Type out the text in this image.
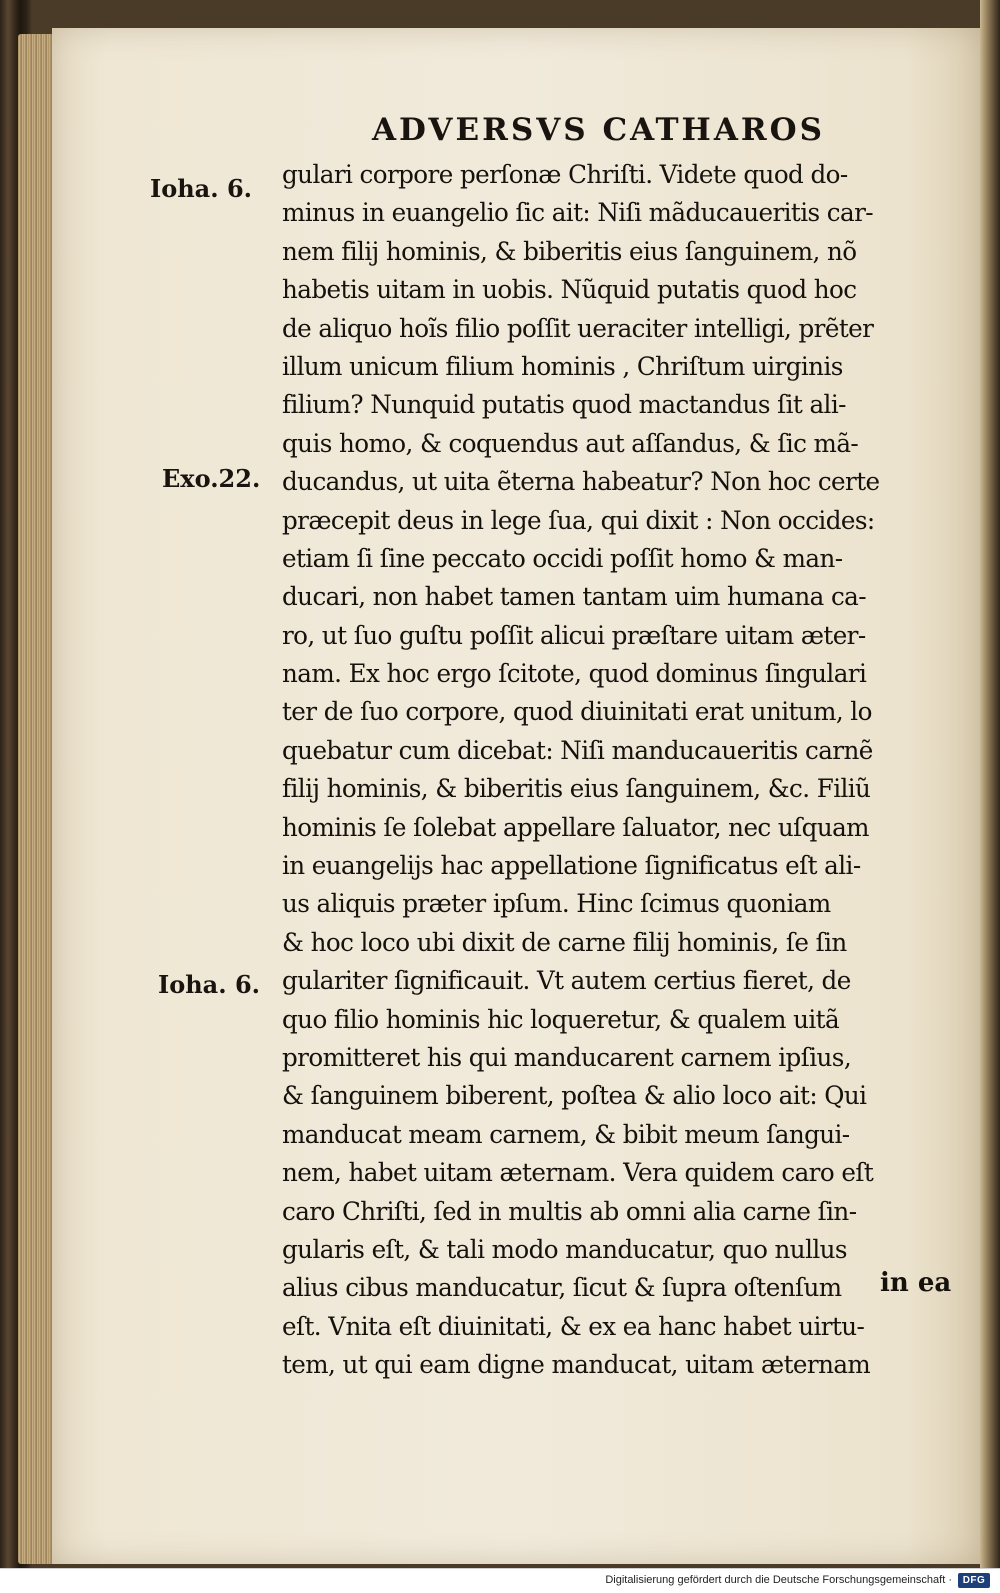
ADVERSVS CATHAROS
Ioha. 6.
Exo.22.
Ioha. 6.
gulari corpore perſonæ Chriſti. Videte quod do-
minus in euangelio ſic ait: Niſi mãducaueritis car-
nem filij hominis, & biberitis eius ſanguinem, nõ
habetis uitam in uobis. Nũquid putatis quod hoc
de aliquo hoĩs filio poſſit ueraciter intelligi, prẽter
illum unicum filium hominis , Chriſtum uirginis
filium? Nunquid putatis quod mactandus ſit ali-
quis homo, & coquendus aut aſſandus, & ſic mã-
ducandus, ut uita ẽterna habeatur? Non hoc certe
præcepit deus in lege ſua, qui dixit : Non occides:
etiam ſi ſine peccato occidi poſſit homo & man-
ducari, non habet tamen tantam uim humana ca-
ro, ut ſuo guſtu poſſit alicui præſtare uitam æter-
nam. Ex hoc ergo ſcitote, quod dominus ſingulari
ter de ſuo corpore, quod diuinitati erat unitum, lo
quebatur cum dicebat: Niſi manducaueritis carnẽ
filij hominis, & biberitis eius ſanguinem, &c. Filiũ
hominis ſe ſolebat appellare ſaluator, nec uſquam
in euangelijs hac appellatione ſignificatus eſt ali-
us aliquis præter ipſum. Hinc ſcimus quoniam
& hoc loco ubi dixit de carne filij hominis, ſe ſin
gulariter ſignificauit. Vt autem certius fieret, de
quo filio hominis hic loqueretur, & qualem uitã
promitteret his qui manducarent carnem ipſius,
& ſanguinem biberent, poſtea & alio loco ait: Qui
manducat meam carnem, & bibit meum ſangui-
nem, habet uitam æternam. Vera quidem caro eſt
caro Chriſti, ſed in multis ab omni alia carne ſin-
gularis eſt, & tali modo manducatur, quo nullus
alius cibus manducatur, ſicut & ſupra oſtenſum
eſt. Vnita eſt diuinitati, & ex ea hanc habet uirtu-
tem, ut qui eam digne manducat, uitam æternam
in ea
Digitalisierung gefördert durch die Deutsche Forschungsgemeinschaft ·	DFG
